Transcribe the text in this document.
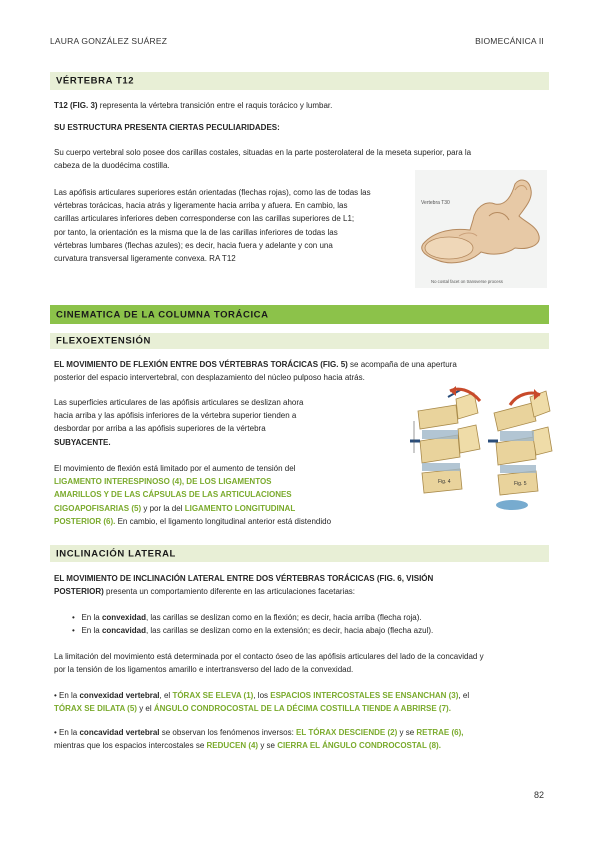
LAURA GONZÁLEZ SUÁREZ	BIOMECÁNICA II
VÉRTEBRA T12
T12 (FIG. 3) representa la vértebra transición entre el raquis torácico y lumbar.
SU ESTRUCTURA PRESENTA CIERTAS PECULIARIDADES:
Su cuerpo vertebral solo posee dos carillas costales, situadas en la parte posterolateral de la meseta superior, para la
cabeza de la duodécima costilla.
Las apófisis articulares superiores están orientadas (flechas rojas), como las de todas las
vértebras torácicas, hacia atrás y ligeramente hacia arriba y afuera. En cambio, las
carillas articulares inferiores deben corresponderse con las carillas superiores de L1;
por tanto, la orientación es la misma que la de las carillas inferiores de todas las
vértebras lumbares (flechas azules); es decir, hacia fuera y adelante y con una
curvatura transversal ligeramente convexa. RA T12
Vertebra T30
No costal facet on transverse process
CINEMATICA DE LA COLUMNA TORÁCICA
FLEXOEXTENSIÓN
EL MOVIMIENTO DE FLEXIÓN ENTRE DOS VÉRTEBRAS TORÁCICAS (FIG. 5) se acompaña de una apertura
posterior del espacio intervertebral, con desplazamiento del núcleo pulposo hacia atrás.
Las superficies articulares de las apófisis articulares se deslizan ahora
hacia arriba y las apófisis inferiores de la vértebra superior tienden a
desbordar por arriba a las apófisis superiores de la vértebra
SUBYACENTE.
El movimiento de flexión está limitado por el aumento de tensión del
LIGAMENTO INTERESPINOSO (4), DE LOS LIGAMENTOS
AMARILLOS Y DE LAS CÁPSULAS DE LAS ARTICULACIONES
CIGOAPOFISARIAS (5) y por la del LIGAMENTO LONGITUDINAL
POSTERIOR (6). En cambio, el ligamento longitudinal anterior está distendido
Fig. 4	Fig. 5
INCLINACIÓN LATERAL
EL MOVIMIENTO DE INCLINACIÓN LATERAL ENTRE DOS VÉRTEBRAS TORÁCICAS (FIG. 6, VISIÓN
POSTERIOR) presenta un comportamiento diferente en las articulaciones facetarias:
•   En la convexidad, las carillas se deslizan como en la flexión; es decir, hacia arriba (flecha roja).
•   En la concavidad, las carillas se deslizan como en la extensión; es decir, hacia abajo (flecha azul).
La limitación del movimiento está determinada por el contacto óseo de las apófisis articulares del lado de la concavidad y
por la tensión de los ligamentos amarillo e intertransverso del lado de la convexidad.
• En la convexidad vertebral, el TÓRAX SE ELEVA (1), los ESPACIOS INTERCOSTALES SE ENSANCHAN (3), el
TÓRAX SE DILATA (5) y el ÁNGULO CONDROCOSTAL DE LA DÉCIMA COSTILLA TIENDE A ABRIRSE (7).
• En la concavidad vertebral se observan los fenómenos inversos: EL TÓRAX DESCIENDE (2) y se RETRAE (6),
mientras que los espacios intercostales se REDUCEN (4) y se CIERRA EL ÁNGULO CONDROCOSTAL (8).
82
